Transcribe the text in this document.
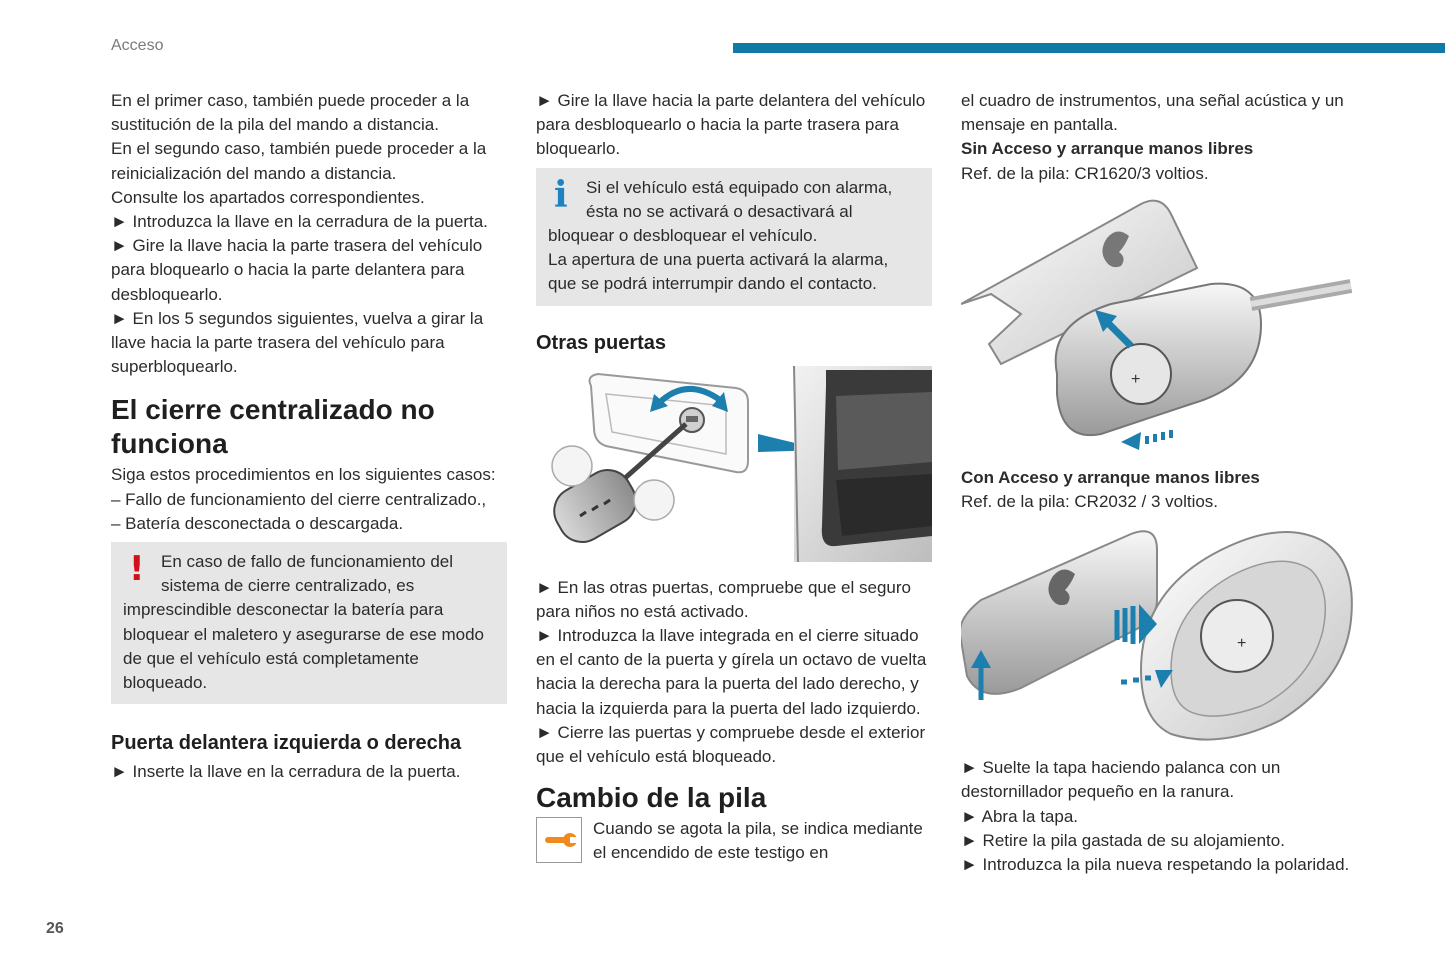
Acceso

En el primer caso, también puede proceder a la sustitución de la pila del mando a distancia.

En el segundo caso, también puede proceder a la reinicialización del mando a distancia.

Consulte los apartados correspondientes.

► Introduzca la llave en la cerradura de la puerta.

► Gire la llave hacia la parte trasera del vehículo para bloquearlo o hacia la parte delantera para desbloquearlo.

► En los 5 segundos siguientes, vuelva a girar la llave hacia la parte trasera del vehículo para superbloquearlo.

El cierre centralizado no funciona

Siga estos procedimientos en los siguientes casos:

– Fallo de funcionamiento del cierre centralizado.,

– Batería desconectada o descargada.

! En caso de fallo de funcionamiento del sistema de cierre centralizado, es
imprescindible desconectar la batería para bloquear el maletero y asegurarse de ese modo de que el vehículo está completamente bloqueado.
Puerta delantera izquierda o derecha

► Inserte la llave en la cerradura de la puerta.

► Gire la llave hacia la parte delantera del vehículo para desbloquearlo o hacia la parte trasera para bloquearlo.

i	Si el vehículo está equipado con alarma, ésta no se activará o desactivará al
bloquear o desbloquear el vehículo.
La apertura de una puerta activará la alarma, que se podrá interrumpir dando el contacto.
Otras puertas

► En las otras puertas, compruebe que el seguro para niños no está activado.

► Introduzca la llave integrada en el cierre situado en el canto de la puerta y gírela un octavo de vuelta hacia la derecha para la puerta del lado derecho, y hacia la izquierda para la puerta del lado izquierdo.

► Cierre las puertas y compruebe desde el exterior que el vehículo está bloqueado.

Cambio de la pila

Cuando se agota la pila, se indica mediante el encendido de este testigo en

el cuadro de instrumentos, una señal acústica y un mensaje en pantalla.

Sin Acceso y arranque manos libres

Ref. de la pila: CR1620/3 voltios.

+

Con Acceso y arranque manos libres

Ref. de la pila: CR2032 / 3 voltios.

+

► Suelte la tapa haciendo palanca con un destornillador pequeño en la ranura.

► Abra la tapa.

► Retire la pila gastada de su alojamiento.

► Introduzca la pila nueva respetando la polaridad.

26
